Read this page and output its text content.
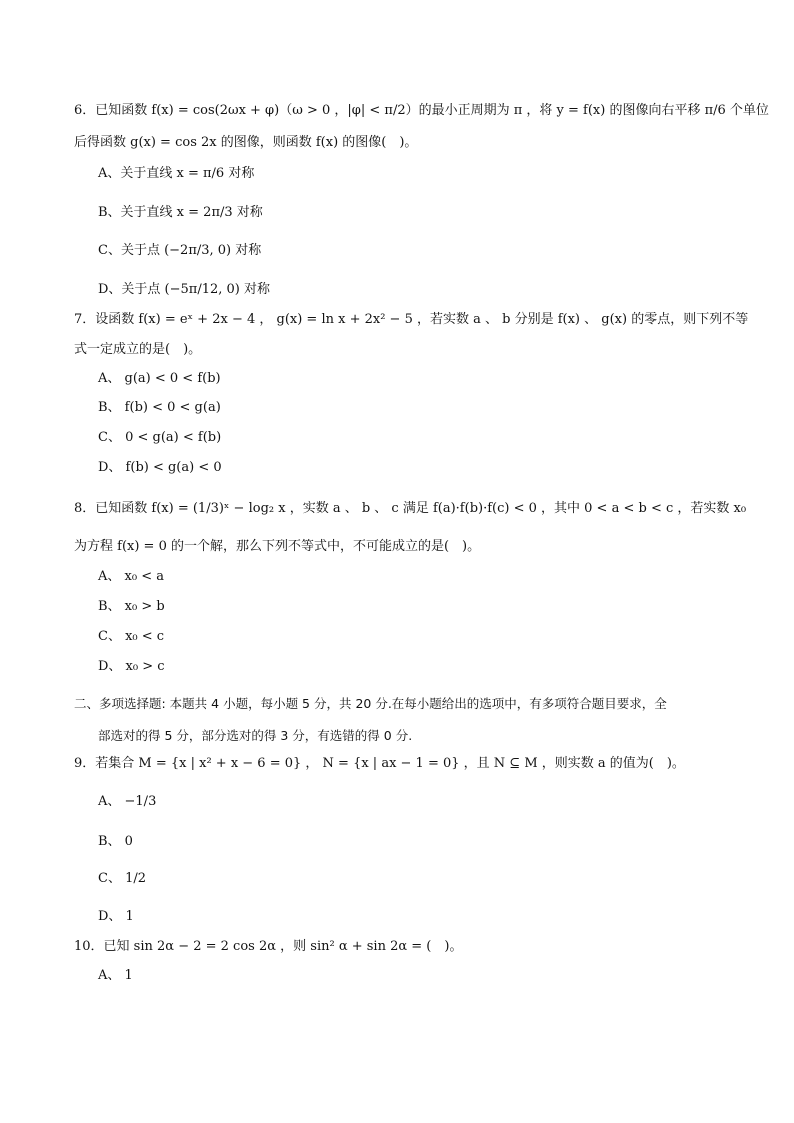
6．已知函数 f(x) = cos(2ωx + φ)（ω > 0 ，|φ| < π/2）的最小正周期为 π ，将 y = f(x) 的图像向右平移 π/6 个单位
后得函数 g(x) = cos 2x 的图像，则函数 f(x) 的图像(　)。
A、关于直线 x = π/6 对称
B、关于直线 x = 2π/3 对称
C、关于点 (−2π/3, 0) 对称
D、关于点 (−5π/12, 0) 对称
7．设函数 f(x) = eˣ + 2x − 4 ， g(x) = ln x + 2x² − 5 ，若实数 a 、 b 分别是 f(x) 、 g(x) 的零点，则下列不等
式一定成立的是(　)。
A、 g(a) < 0 < f(b)
B、 f(b) < 0 < g(a)
C、 0 < g(a) < f(b)
D、 f(b) < g(a) < 0
8．已知函数 f(x) = (1/3)ˣ − log₂ x ，实数 a 、 b 、 c 满足 f(a)·f(b)·f(c) < 0 ，其中 0 < a < b < c ，若实数 x₀
为方程 f(x) = 0 的一个解，那么下列不等式中，不可能成立的是(　)。
A、 x₀ < a
B、 x₀ > b
C、 x₀ < c
D、 x₀ > c
二、多项选择题: 本题共 4 小题，每小题 5 分，共 20 分.在每小题给出的选项中，有多项符合题目要求，全
部选对的得 5 分，部分选对的得 3 分，有选错的得 0 分.
9．若集合 M = {x | x² + x − 6 = 0} ， N = {x | ax − 1 = 0} ，且 N ⊆ M ，则实数 a 的值为(　)。
A、 −1/3
B、 0
C、 1/2
D、 1
10．已知 sin 2α − 2 = 2 cos 2α ，则 sin² α + sin 2α = (　)。
A、 1
